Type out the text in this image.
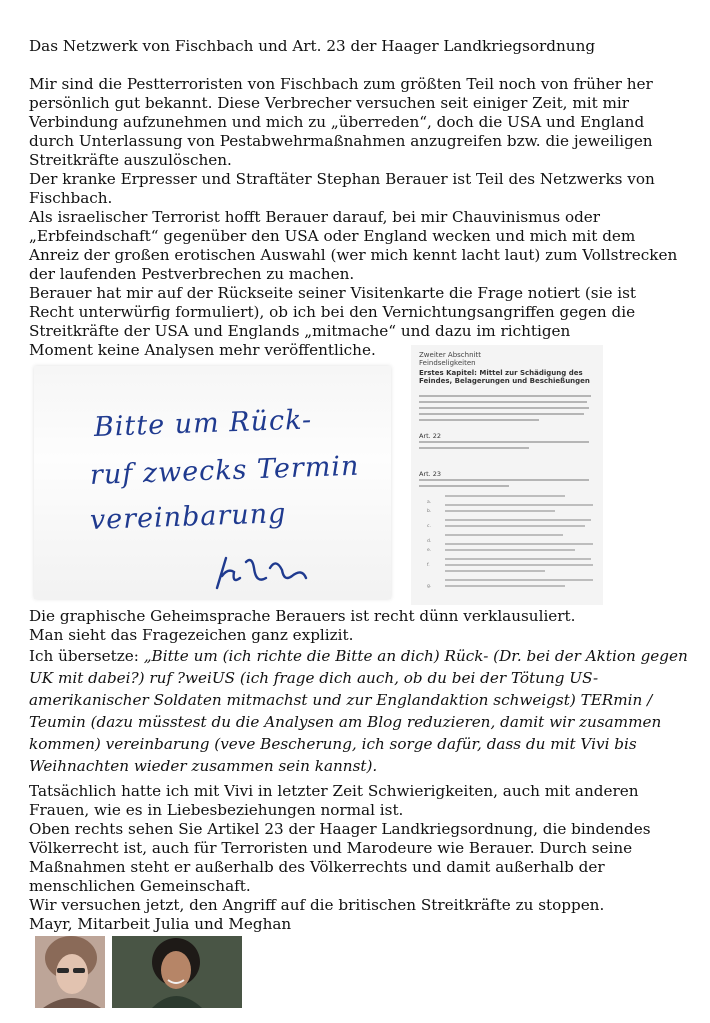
Das Netzwerk von Fischbach und Art. 23 der Haager Landkriegsordnung

Mir sind die Pestterroristen von Fischbach zum größten Teil noch von früher her persönlich gut bekannt. Diese Verbrecher versuchen seit einiger Zeit, mit mir Verbindung aufzunehmen und mich zu „überreden“, doch die USA und England durch Unterlassung von Pestabwehrmaßnahmen anzugreifen bzw. die jeweiligen Streitkräfte auszulöschen.

Der kranke Erpresser und Straftäter Stephan Berauer ist Teil des Netzwerks von Fischbach.

Als israelischer Terrorist hofft Berauer darauf, bei mir Chauvinismus oder „Erbfeindschaft“ gegenüber den USA oder England wecken und mich mit dem Anreiz der großen erotischen Auswahl (wer mich kennt lacht laut) zum Vollstrecken der laufenden Pestverbrechen zu machen.

Berauer hat mir auf der Rückseite seiner Visitenkarte die Frage notiert (sie ist
Recht unterwürfig formuliert), ob ich bei den Vernichtungsangriffen gegen die
Streitkräfte der USA und Englands „mitmache“ und dazu im richtigen
Moment keine Analysen mehr veröffentliche.
Bitte um Rück-
ruf zwecks Termin
vereinbarung
Zweiter Abschnitt
Feindseligkeiten
Erstes Kapitel: Mittel zur Schädigung des Feindes, Belagerungen und Beschießungen
Art. 22
Art. 23
a.
b.
c.
d.
e.
f.
g.
Die graphische Geheimsprache Berauers ist recht dünn verklausuliert.
Man sieht das Fragezeichen ganz explizit.

Ich übersetze: „Bitte um (ich richte die Bitte an dich) Rück- (Dr. bei der Aktion gegen UK mit dabei?) ruf ?weiUS (ich frage dich auch, ob du bei der Tötung US-amerikanischer Soldaten mitmachst und zur Englandaktion schweigst) TERmin / Teumin (dazu müsstest du die Analysen am Blog reduzieren, damit wir zusammen kommen) vereinbarung (veve Bescherung, ich sorge dafür, dass du mit Vivi bis Weihnachten wieder zusammen sein kannst).

Tatsächlich hatte ich mit Vivi in letzter Zeit Schwierigkeiten, auch mit anderen Frauen, wie es in Liebesbeziehungen normal ist.

Oben rechts sehen Sie Artikel 23 der Haager Landkriegsordnung, die bindendes Völkerrecht ist, auch für Terroristen und Marodeure wie Berauer. Durch seine Maßnahmen steht er außerhalb des Völkerrechts und damit außerhalb der menschlichen Gemeinschaft.

Wir versuchen jetzt, den Angriff auf die britischen Streitkräfte zu stoppen.

Mayr, Mitarbeit Julia und Meghan
